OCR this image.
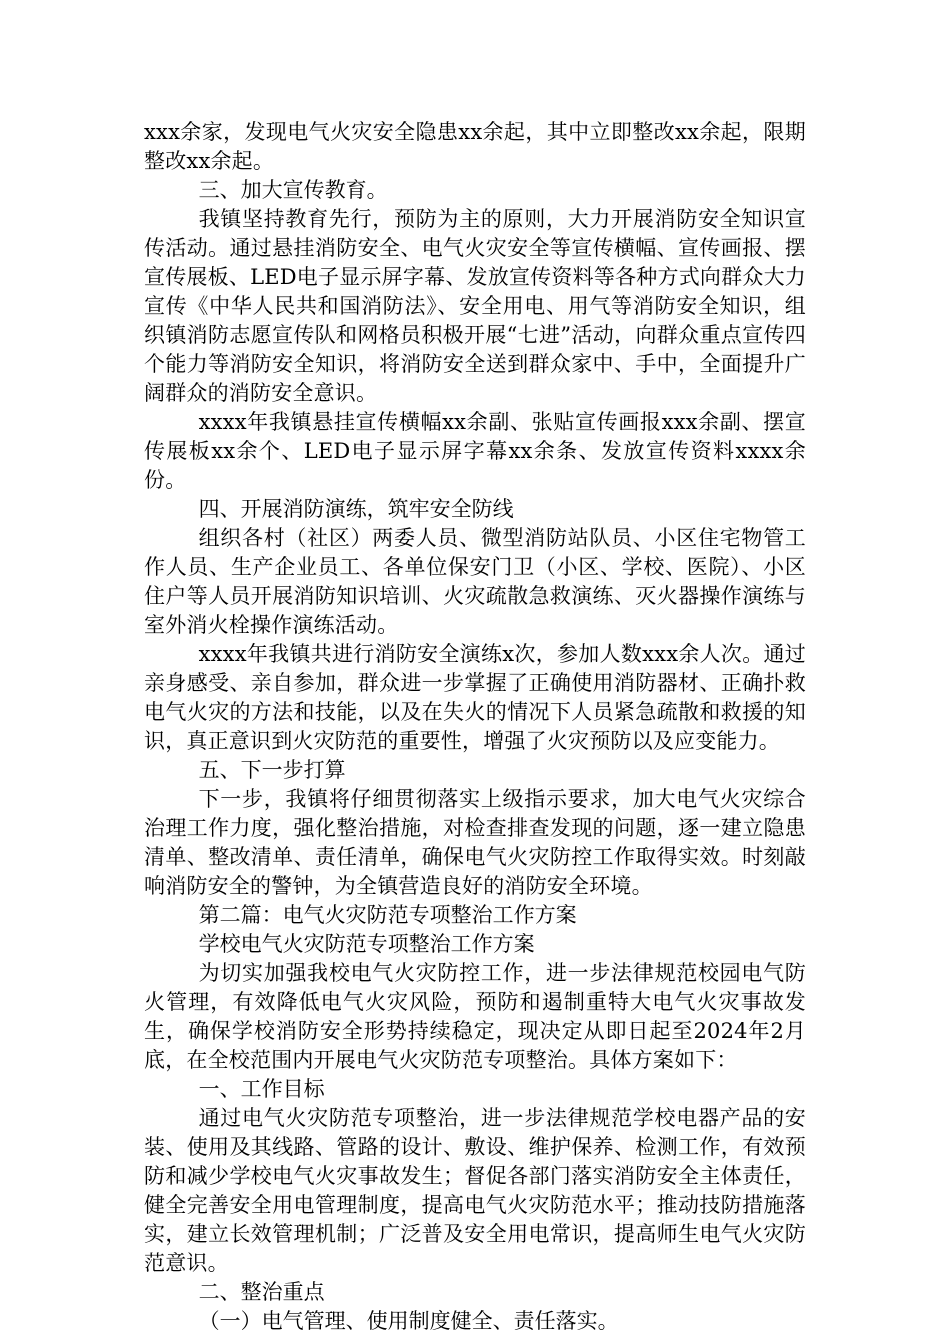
xxx余家，发现电气火灾安全隐患xx余起，其中立即整改xx余起，限期整改xx余起。

三、加大宣传教育。

我镇坚持教育先行，预防为主的原则，大力开展消防安全知识宣传活动。通过悬挂消防安全、电气火灾安全等宣传横幅、宣传画报、摆宣传展板、LED电子显示屏字幕、发放宣传资料等各种方式向群众大力宣传《中华人民共和国消防法》、安全用电、用气等消防安全知识，组织镇消防志愿宣传队和网格员积极开展“七进”活动，向群众重点宣传四个能力等消防安全知识，将消防安全送到群众家中、手中，全面提升广阔群众的消防安全意识。

xxxx年我镇悬挂宣传横幅xx余副、张贴宣传画报xxx余副、摆宣传展板xx余个、LED电子显示屏字幕xx余条、发放宣传资料xxxx余份。

四、开展消防演练，筑牢安全防线

组织各村（社区）两委人员、微型消防站队员、小区住宅物管工作人员、生产企业员工、各单位保安门卫（小区、学校、医院）、小区住户等人员开展消防知识培训、火灾疏散急救演练、灭火器操作演练与室外消火栓操作演练活动。

xxxx年我镇共进行消防安全演练x次，参加人数xxx余人次。通过亲身感受、亲自参加，群众进一步掌握了正确使用消防器材、正确扑救电气火灾的方法和技能，以及在失火的情况下人员紧急疏散和救援的知识，真正意识到火灾防范的重要性，增强了火灾预防以及应变能力。

五、下一步打算

下一步，我镇将仔细贯彻落实上级指示要求，加大电气火灾综合治理工作力度，强化整治措施，对检查排查发现的问题，逐一建立隐患清单、整改清单、责任清单，确保电气火灾防控工作取得实效。时刻敲响消防安全的警钟，为全镇营造良好的消防安全环境。

第二篇：电气火灾防范专项整治工作方案

学校电气火灾防范专项整治工作方案

为切实加强我校电气火灾防控工作，进一步法律规范校园电气防火管理，有效降低电气火灾风险，预防和遏制重特大电气火灾事故发生，确保学校消防安全形势持续稳定，现决定从即日起至2024年2月底，在全校范围内开展电气火灾防范专项整治。具体方案如下：

一、工作目标

通过电气火灾防范专项整治，进一步法律规范学校电器产品的安装、使用及其线路、管路的设计、敷设、维护保养、检测工作，有效预防和减少学校电气火灾事故发生；督促各部门落实消防安全主体责任，健全完善安全用电管理制度，提高电气火灾防范水平；推动技防措施落实，建立长效管理机制；广泛普及安全用电常识，提高师生电气火灾防范意识。

二、整治重点

（一）电气管理、使用制度健全、责任落实。
